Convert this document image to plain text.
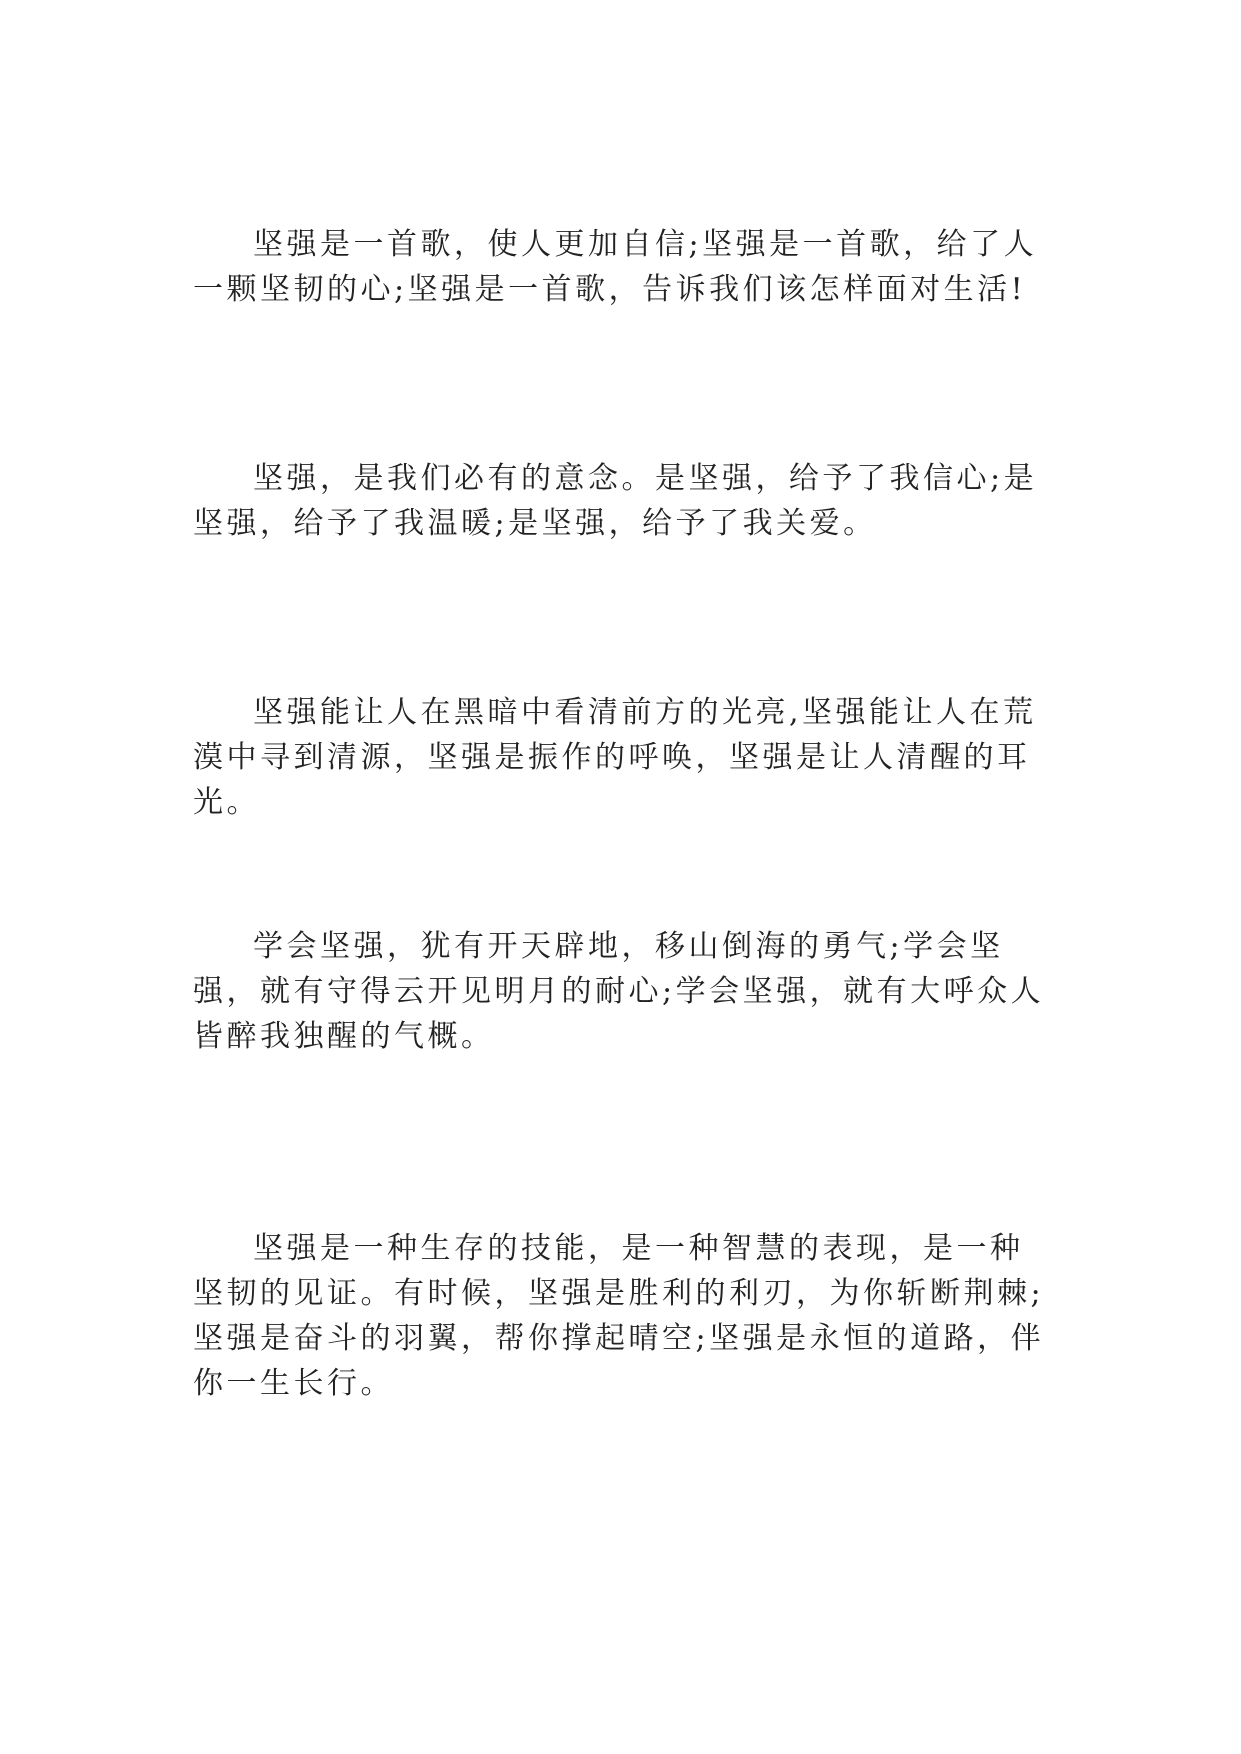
坚强是一首歌，使人更加自信;坚强是一首歌，给了人一颗坚韧的心;坚强是一首歌，告诉我们该怎样面对生活!

坚强，是我们必有的意念。是坚强，给予了我信心;是坚强，给予了我温暖;是坚强，给予了我关爱。

坚强能让人在黑暗中看清前方的光亮,坚强能让人在荒漠中寻到清源，坚强是振作的呼唤，坚强是让人清醒的耳光。

学会坚强，犹有开天辟地，移山倒海的勇气;学会坚强，就有守得云开见明月的耐心;学会坚强，就有大呼众人皆醉我独醒的气概。

坚强是一种生存的技能，是一种智慧的表现，是一种坚韧的见证。有时候，坚强是胜利的利刃，为你斩断荆棘;坚强是奋斗的羽翼，帮你撑起晴空;坚强是永恒的道路，伴你一生长行。
